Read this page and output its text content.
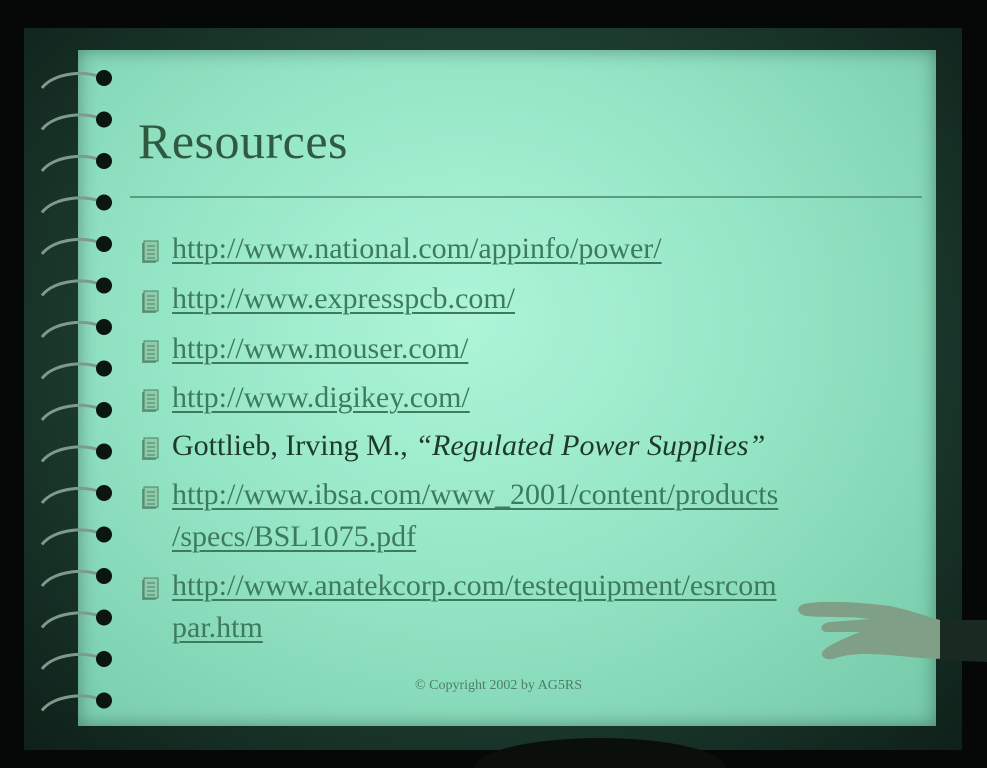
Resources
http://www.national.com/appinfo/power/
http://www.expresspcb.com/
http://www.mouser.com/
http://www.digikey.com/
Gottlieb, Irving M., “Regulated Power Supplies”
http://www.ibsa.com/www_2001/content/products
/specs/BSL1075.pdf
http://www.anatekcorp.com/testequipment/esrcom
par.htm
© Copyright 2002 by AG5RS
